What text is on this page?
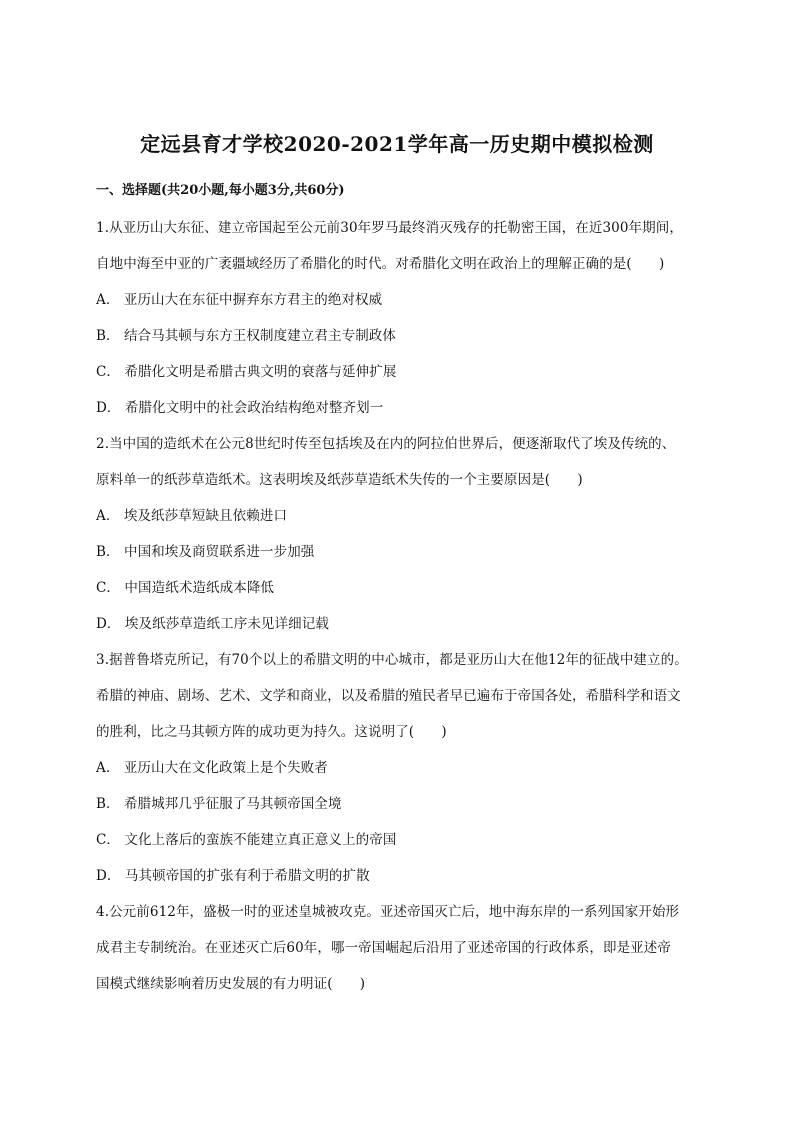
定远县育才学校2020-2021学年高一历史期中模拟检测
一、选择题(共20小题,每小题3分,共60分)
1.从亚历山大东征、建立帝国起至公元前30年罗马最终消灭残存的托勒密王国，在近300年期间，
自地中海至中亚的广袤疆域经历了希腊化的时代。对希腊化文明在政治上的理解正确的是(　　)
A． 亚历山大在东征中摒弃东方君主的绝对权威
B． 结合马其顿与东方王权制度建立君主专制政体
C． 希腊化文明是希腊古典文明的衰落与延伸扩展
D． 希腊化文明中的社会政治结构绝对整齐划一
2.当中国的造纸术在公元8世纪时传至包括埃及在内的阿拉伯世界后，便逐渐取代了埃及传统的、
原料单一的纸莎草造纸术。这表明埃及纸莎草造纸术失传的一个主要原因是(　　)
A． 埃及纸莎草短缺且依赖进口
B． 中国和埃及商贸联系进一步加强
C． 中国造纸术造纸成本降低
D． 埃及纸莎草造纸工序未见详细记载
3.据普鲁塔克所记，有70个以上的希腊文明的中心城市，都是亚历山大在他12年的征战中建立的。
希腊的神庙、剧场、艺术、文学和商业，以及希腊的殖民者早已遍布于帝国各处，希腊科学和语文
的胜利，比之马其顿方阵的成功更为持久。这说明了(　　)
A． 亚历山大在文化政策上是个失败者
B． 希腊城邦几乎征服了马其顿帝国全境
C． 文化上落后的蛮族不能建立真正意义上的帝国
D． 马其顿帝国的扩张有利于希腊文明的扩散
4.公元前612年，盛极一时的亚述皇城被攻克。亚述帝国灭亡后，地中海东岸的一系列国家开始形
成君主专制统治。在亚述灭亡后60年，哪一帝国崛起后沿用了亚述帝国的行政体系，即是亚述帝
国模式继续影响着历史发展的有力明证(　　)
